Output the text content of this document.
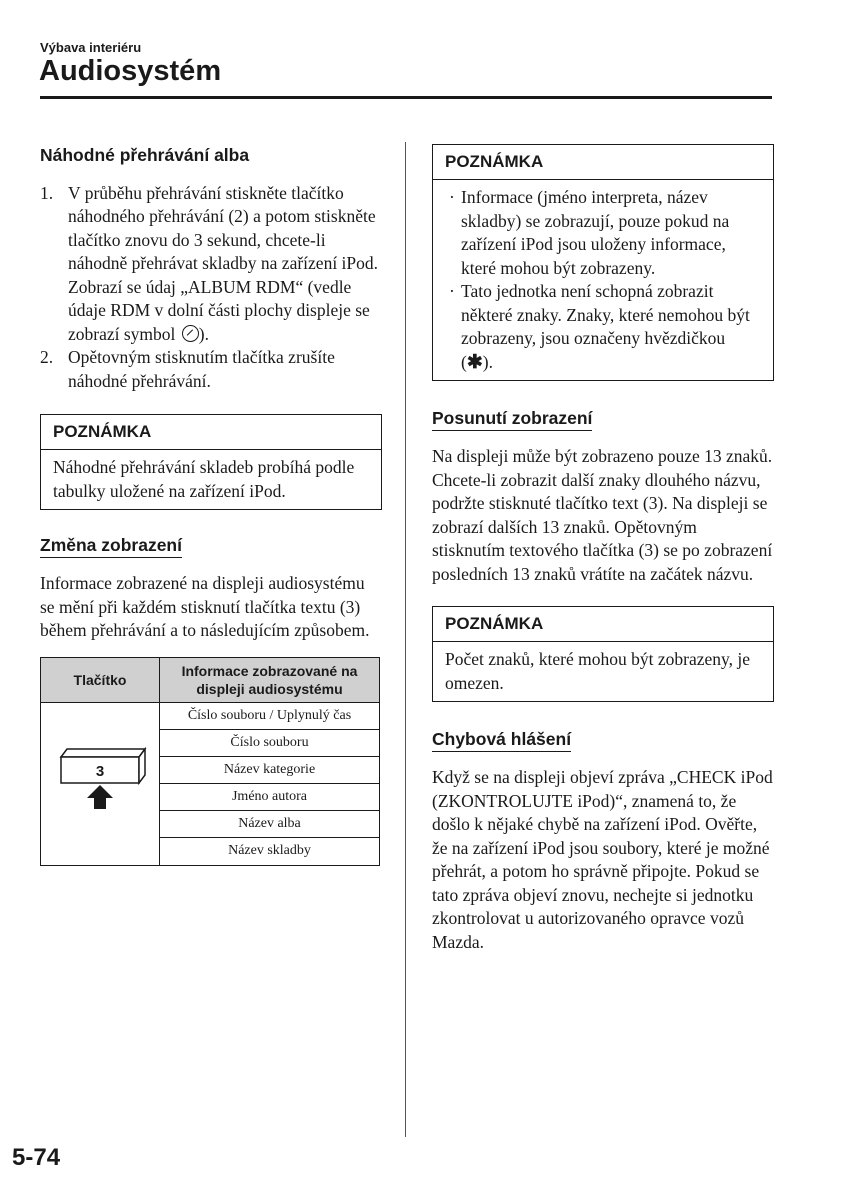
Výbava interiéru
Audiosystém
Náhodné přehrávání alba
1. V průběhu přehrávání stiskněte tlačítko náhodného přehrávání (2) a potom stiskněte tlačítko znovu do 3 sekund, chcete-li náhodně přehrávat skladby na zařízení iPod. Zobrazí se údaj „ALBUM RDM“ (vedle údaje RDM v dolní části plochy displeje se zobrazí symbol ).
2. Opětovným stisknutím tlačítka zrušíte náhodné přehrávání.
POZNÁMKA

Náhodné přehrávání skladeb probíhá podle tabulky uložené na zařízení iPod.

Změna zobrazení

Informace zobrazené na displeji audiosystému se mění při každém stisknutí tlačítka textu (3) během přehrávání a to následujícím způsobem.

Tlačítko	Informace zobrazované na displeji audiosystému

3	Číslo souboru / Uplynulý čas
	Číslo souboru
	Název kategorie
	Jméno autora
	Název alba
	Název skladby
POZNÁMKA
· Informace (jméno interpreta, název skladby) se zobrazují, pouze pokud na zařízení iPod jsou uloženy informace, které mohou být zobrazeny.
· Tato jednotka není schopná zobrazit některé znaky. Znaky, které nemohou být zobrazeny, jsou označeny hvězdičkou (✱).
Posunutí zobrazení

Na displeji může být zobrazeno pouze 13 znaků. Chcete-li zobrazit další znaky dlouhého názvu, podržte stisknuté tlačítko text (3). Na displeji se zobrazí dalších 13 znaků. Opětovným stisknutím textového tlačítka (3) se po zobrazení posledních 13 znaků vrátíte na začátek názvu.

POZNÁMKA

Počet znaků, které mohou být zobrazeny, je omezen.

Chybová hlášení

Když se na displeji objeví zpráva „CHECK iPod (ZKONTROLUJTE iPod)“, znamená to, že došlo k nějaké chybě na zařízení iPod. Ověřte, že na zařízení iPod jsou soubory, které je možné přehrát, a potom ho správně připojte. Pokud se tato zpráva objeví znovu, nechejte si jednotku zkontrolovat u autorizovaného opravce vozů Mazda.

5-74
